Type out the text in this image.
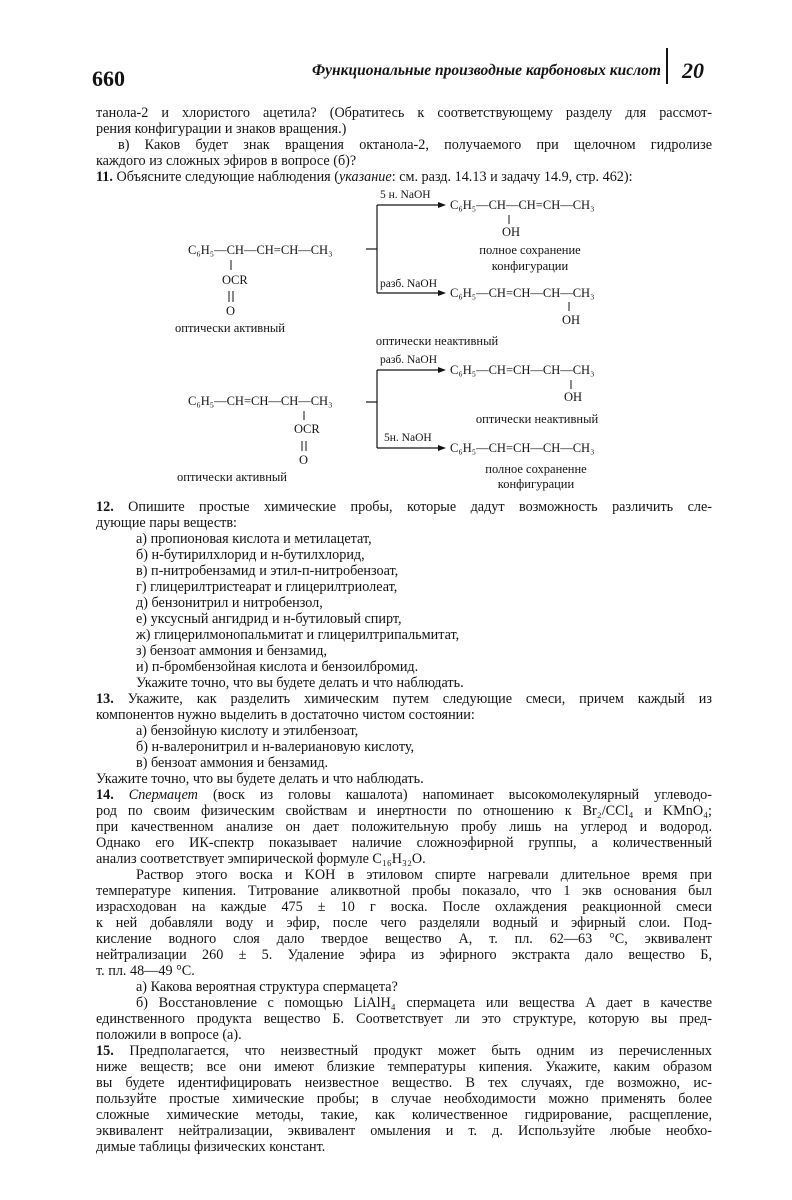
660	Функциональные производные карбоновых кислот 20
танола-2 и хлористого ацетила? (Обратитесь к соответствующему разделу для рассмот-
рения конфигурации и знаков вращения.)
в) Каков будет знак вращения октанола-2, получаемого при щелочном гидролизе
каждого из сложных эфиров в вопросе (б)?
11. Объясните следующие наблюдения (указание: см. разд. 14.13 и задачу 14.9, стр. 462):
C₆H₅—CH—CH=CH—CH₃
OCR
O
5 н. NaOH
C₆H₅—CH—CH=CH—CH₃
OH
полное сохранение
конфигурации
разб. NaOH
C₆H₅—CH=CH—CH—CH₃
OH
оптически активный
оптически неактивный
C₆H₅—CH=CH—CH—CH₃
OCR
O
разб. NaOH
C₆H₅—CH=CH—CH—CH₃
OH
оптически неактивный
5н. NaOH
C₆H₅—CH=CH—CH—CH₃
полное сохраненне
конфигурации
оптически активный
12. Опишите простые химические пробы, которые дадут возможность различить сле-
дующие пары веществ:
а) пропионовая кислота и метилацетат,
б) н-бутирилхлорид и н-бутилхлорид,
в) п-нитробензамид и этил-п-нитробензоат,
г) глицерилтристеарат и глицерилтриолеат,
д) бензонитрил и нитробензол,
е) уксусный ангидрид и н-бутиловый спирт,
ж) глицерилмонопальмитат и глицерилтрипальмитат,
з) бензоат аммония и бензамид,
и) п-бромбензойная кислота и бензоилбромид.
Укажите точно, что вы будете делать и что наблюдать.
13. Укажите, как разделить химическим путем следующие смеси, причем каждый из
компонентов нужно выделить в достаточно чистом состоянии:
а) бензойную кислоту и этилбензоат,
б) н-валеронитрил и н-валериановую кислоту,
в) бензоат аммония и бензамид.
Укажите точно, что вы будете делать и что наблюдать.
14. Спермацет (воск из головы кашалота) напоминает высокомолекулярный углеводо-
род по своим физическим свойствам и инертности по отношению к Br₂/CCl₄ и KMnO₄;
при качественном анализе он дает положительную пробу лишь на углерод и водород.
Однако его ИК-спектр показывает наличие сложноэфирной группы, а количественный
анализ соответствует эмпирической формуле C₁₆H₃₂O.
Раствор этого воска и KOH в этиловом спирте нагревали длительное время при
температуре кипения. Титрование аликвотной пробы показало, что 1 экв основания был
израсходован на каждые 475 ± 10 г воска. После охлаждения реакционной смеси
к ней добавляли воду и эфир, после чего разделяли водный и эфирный слои. Под-
кисление водного слоя дало твердое вещество А, т. пл. 62—63 °С, эквивалент
нейтрализации 260 ± 5. Удаление эфира из эфирного экстракта дало вещество Б,
т. пл. 48—49 °С.
а) Какова вероятная структура спермацета?
б) Восстановление с помощью LiAlH₄ спермацета или вещества А дает в качестве
единственного продукта вещество Б. Соответствует ли это структуре, которую вы пред-
положили в вопросе (а).
15. Предполагается, что неизвестный продукт может быть одним из перечисленных
ниже веществ; все они имеют близкие температуры кипения. Укажите, каким образом
вы будете идентифицировать неизвестное вещество. В тех случаях, где возможно, ис-
пользуйте простые химические пробы; в случае необходимости можно применять более
сложные химические методы, такие, как количественное гидрирование, расщепление,
эквивалент нейтрализации, эквивалент омыления и т. д. Используйте любые необхо-
димые таблицы физических констант.
